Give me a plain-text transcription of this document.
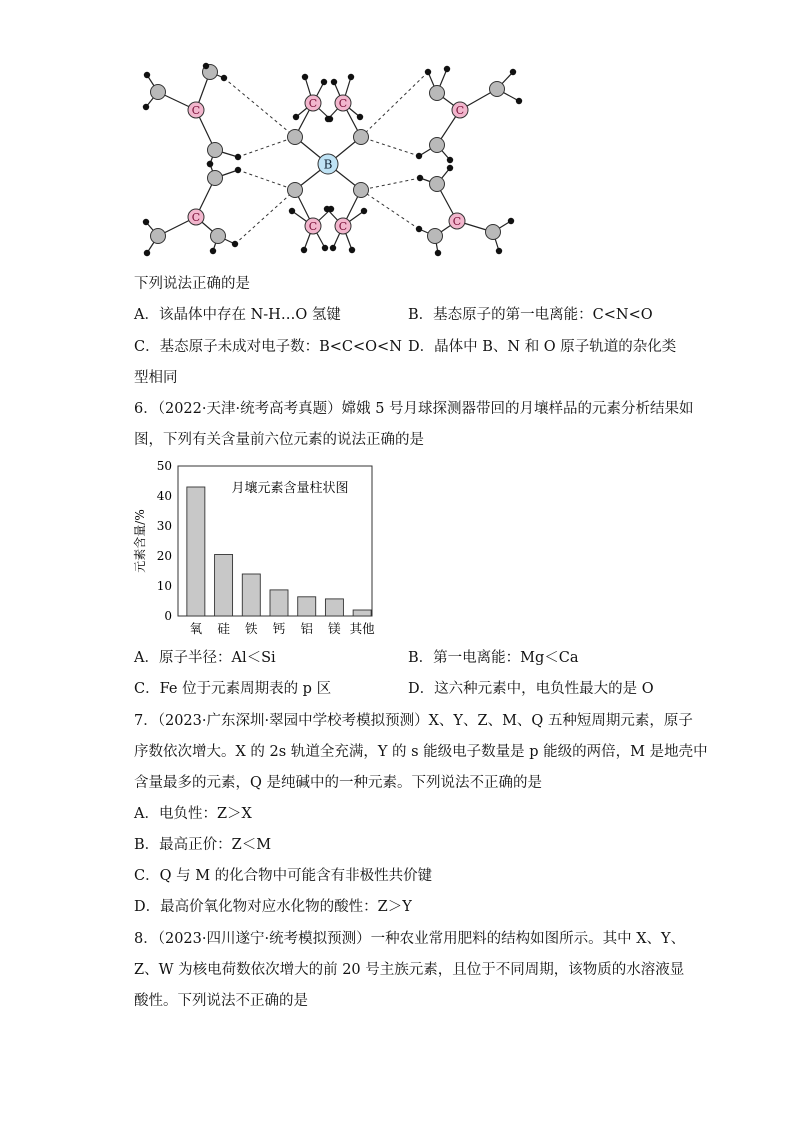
C
C
C
C
C C
C C
B
下列说法正确的是
A．该晶体中存在 N-H…O 氢键	B．基态原子的第一电离能：C<N<O
C．基态原子未成对电子数：B<C<O<N D．晶体中 B、N 和 O 原子轨道的杂化类
型相同
6．（2022·天津·统考高考真题）嫦娥 5 号月球探测器带回的月壤样品的元素分析结果如
图，下列有关含量前六位元素的说法正确的是
月壤元素含量柱状图
元素含量/%
0
10
20
30
40
50
氧 硅 铁 钙 铝 镁 其他
A．原子半径：Al＜Si	B．第一电离能：Mg＜Ca
C．Fe 位于元素周期表的 p 区	D．这六种元素中，电负性最大的是 O
7．（2023·广东深圳·翠园中学校考模拟预测）X、Y、Z、M、Q 五种短周期元素，原子
序数依次增大。X 的 2s 轨道全充满，Y 的 s 能级电子数量是 p 能级的两倍，M 是地壳中
含量最多的元素，Q 是纯碱中的一种元素。下列说法不正确的是
A．电负性：Z＞X
B．最高正价：Z＜M
C．Q 与 M 的化合物中可能含有非极性共价键
D．最高价氧化物对应水化物的酸性：Z＞Y
8．（2023·四川遂宁·统考模拟预测）一种农业常用肥料的结构如图所示。其中 X、Y、
Z、W 为核电荷数依次增大的前 20 号主族元素，且位于不同周期，该物质的水溶液显
酸性。下列说法不正确的是
